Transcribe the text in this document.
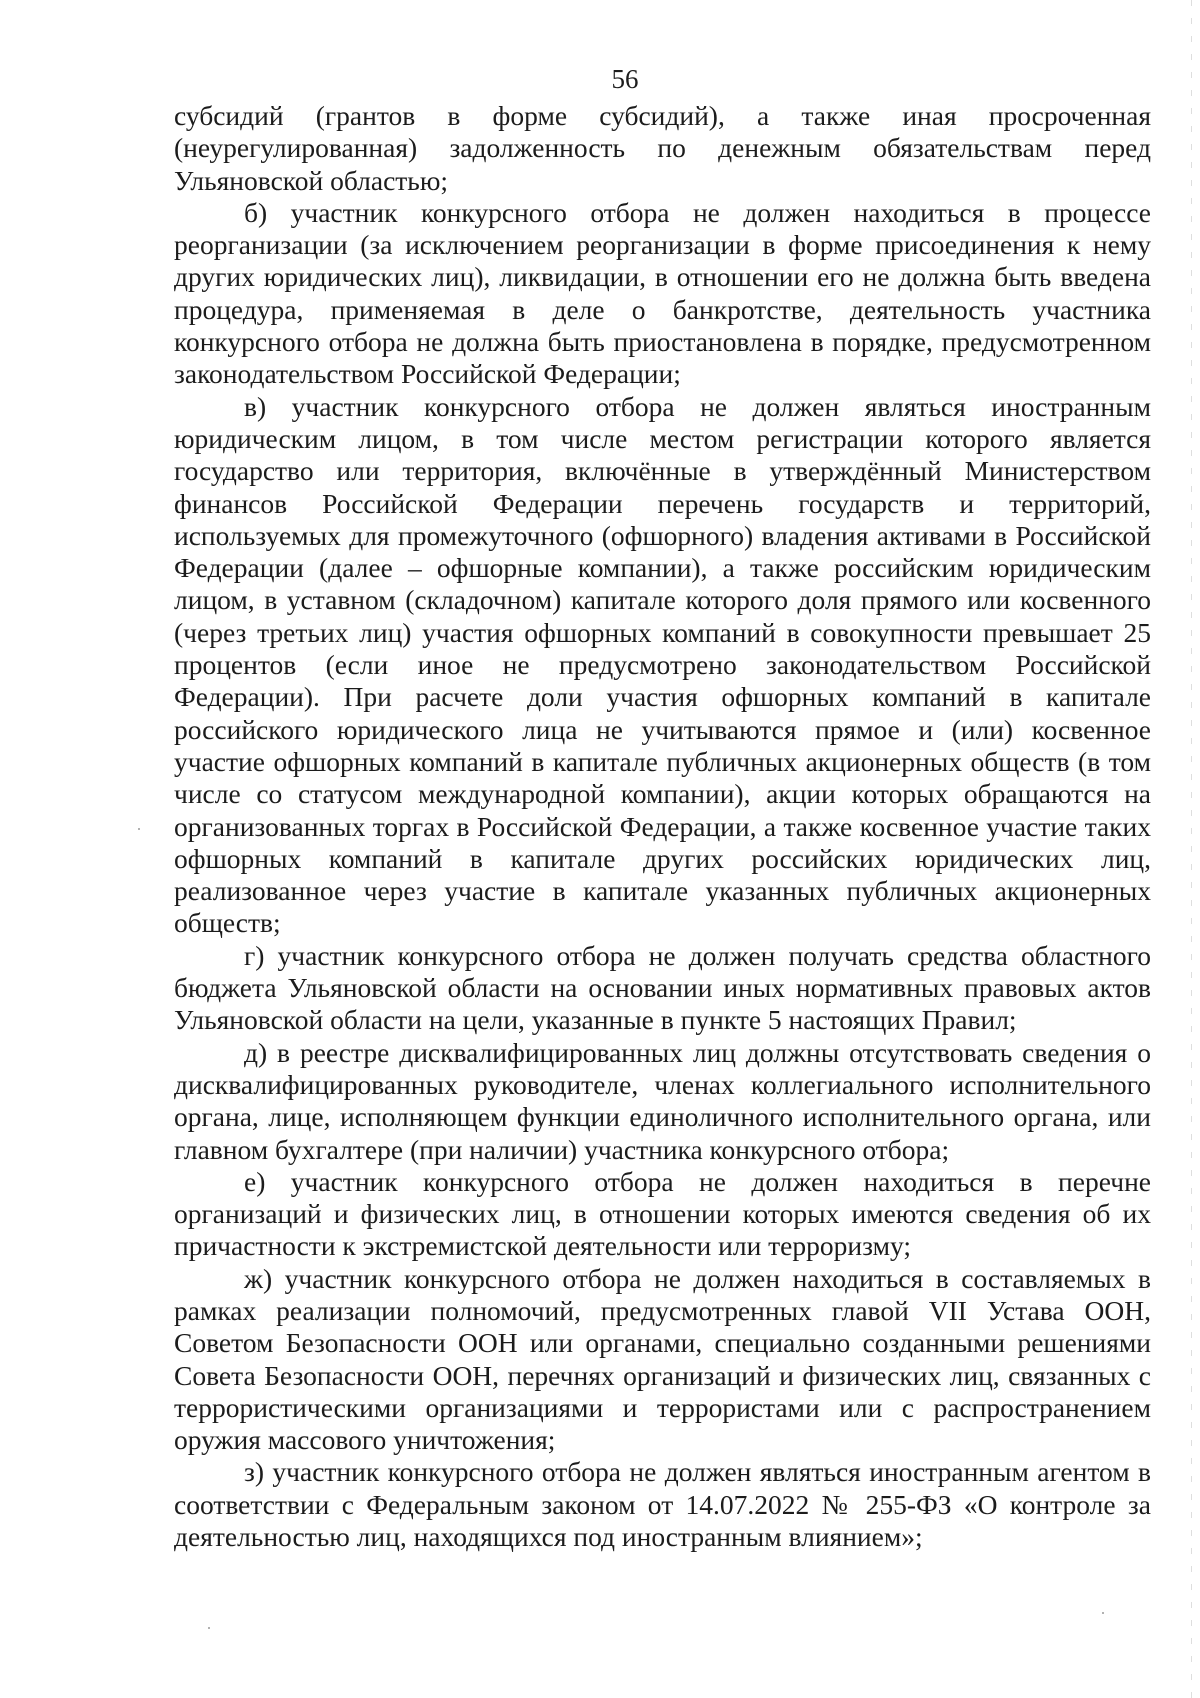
56

субсидий (грантов в форме субсидий), а также иная просроченная (неурегулированная) задолженность по денежным обязательствам перед Ульяновской областью;

б) участник конкурсного отбора не должен находиться в процессе реорганизации (за исключением реорганизации в форме присоединения к нему других юридических лиц), ликвидации, в отношении его не должна быть введена процедура, применяемая в деле о банкротстве, деятельность участника конкурсного отбора не должна быть приостановлена в порядке, предусмотренном законодательством Российской Федерации;

в) участник конкурсного отбора не должен являться иностранным юридическим лицом, в том числе местом регистрации которого является государство или территория, включённые в утверждённый Министерством финансов Российской Федерации перечень государств и территорий, используемых для промежуточного (офшорного) владения активами в Российской Федерации (далее – офшорные компании), а также российским юридическим лицом, в уставном (складочном) капитале которого доля прямого или косвенного (через третьих лиц) участия офшорных компаний в совокупности превышает 25 процентов (если иное не предусмотрено законодательством Российской Федерации). При расчете доли участия офшорных компаний в капитале российского юридического лица не учитываются прямое и (или) косвенное участие офшорных компаний в капитале публичных акционерных обществ (в том числе со статусом международной компании), акции которых обращаются на организованных торгах в Российской Федерации, а также косвенное участие таких офшорных компаний в капитале других российских юридических лиц, реализованное через участие в капитале указанных публичных акционерных обществ;

г) участник конкурсного отбора не должен получать средства областного бюджета Ульяновской области на основании иных нормативных правовых актов Ульяновской области на цели, указанные в пункте 5 настоящих Правил;

д) в реестре дисквалифицированных лиц должны отсутствовать сведения о дисквалифицированных руководителе, членах коллегиального исполнительного органа, лице, исполняющем функции единоличного исполнительного органа, или главном бухгалтере (при наличии) участника конкурсного отбора;

е) участник конкурсного отбора не должен находиться в перечне организаций и физических лиц, в отношении которых имеются сведения об их причастности к экстремистской деятельности или терроризму;

ж) участник конкурсного отбора не должен находиться в составляемых в рамках реализации полномочий, предусмотренных главой VII Устава ООН, Советом Безопасности ООН или органами, специально созданными решениями Совета Безопасности ООН, перечнях организаций и физических лиц, связанных с террористическими организациями и террористами или с распространением оружия массового уничтожения;

з) участник конкурсного отбора не должен являться иностранным агентом в соответствии с Федеральным законом от 14.07.2022 № 255-ФЗ «О контроле за деятельностью лиц, находящихся под иностранным влиянием»;
